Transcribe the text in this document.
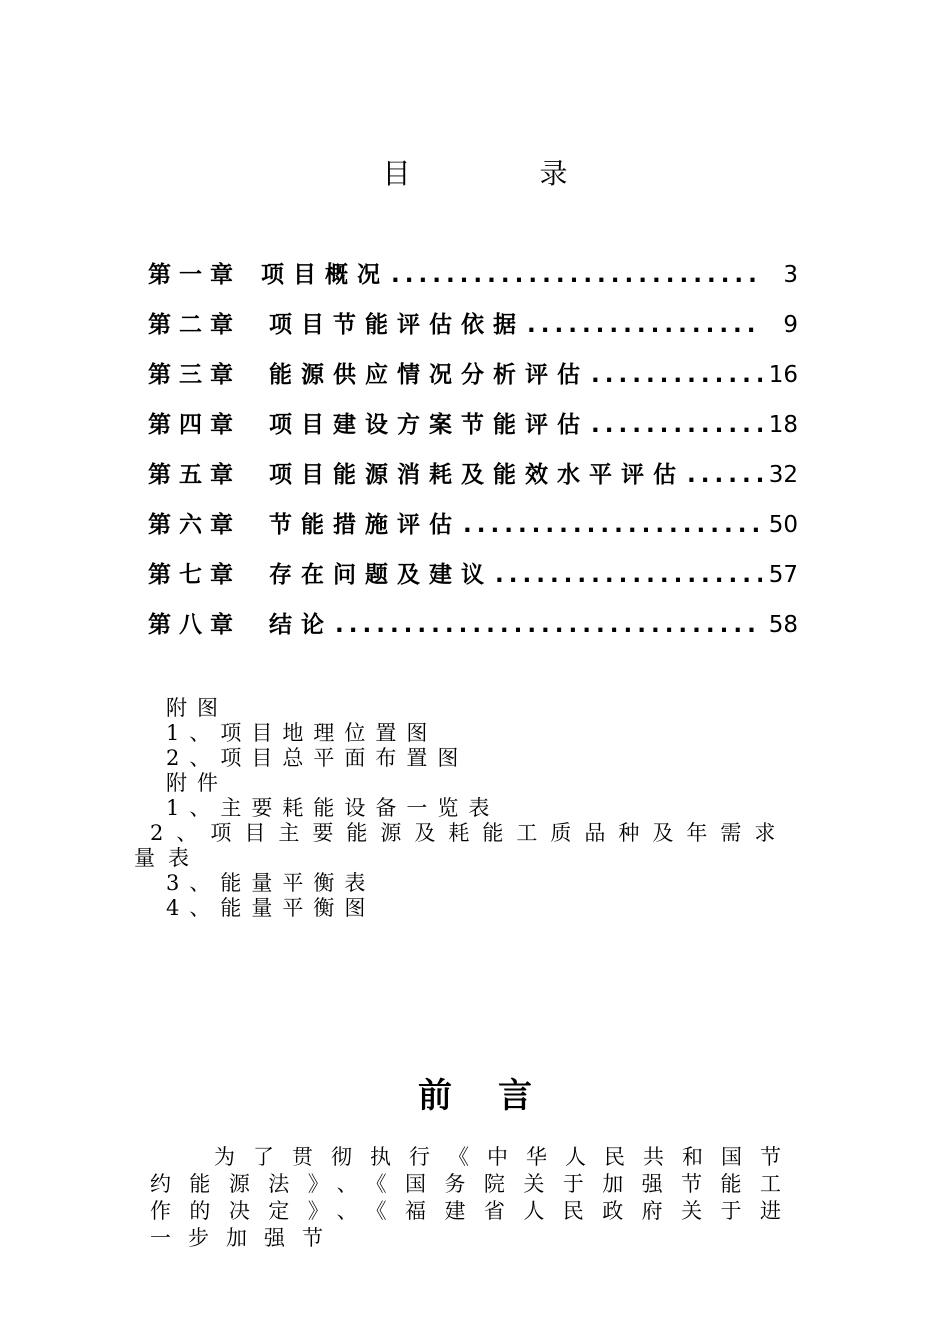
目 录
第一章 项目概况 .....	3
第二章	项目节能评估依据 .....	9
第三章	能源供应情况分析评估 .....	16
第四章	项目建设方案节能评估 .....	18
第五章	项目能源消耗及能效水平评估 .....	32
第六章	节能措施评估 .....	50
第七章	存在问题及建议 .....	57
第八章	结论 .....	58
附图
1、项目地理位置图
2、项目总平面布置图
附件
1、主要耗能设备一览表
2、项目主要能源及耗能工质品种及年需求量表
3、能量平衡表
4、能量平衡图
前言
为了贯彻执行《中华人民共和国节约能源法》、《国务院关于加强节能工作的决定》、《福建省人民政府关于进一步加强节
